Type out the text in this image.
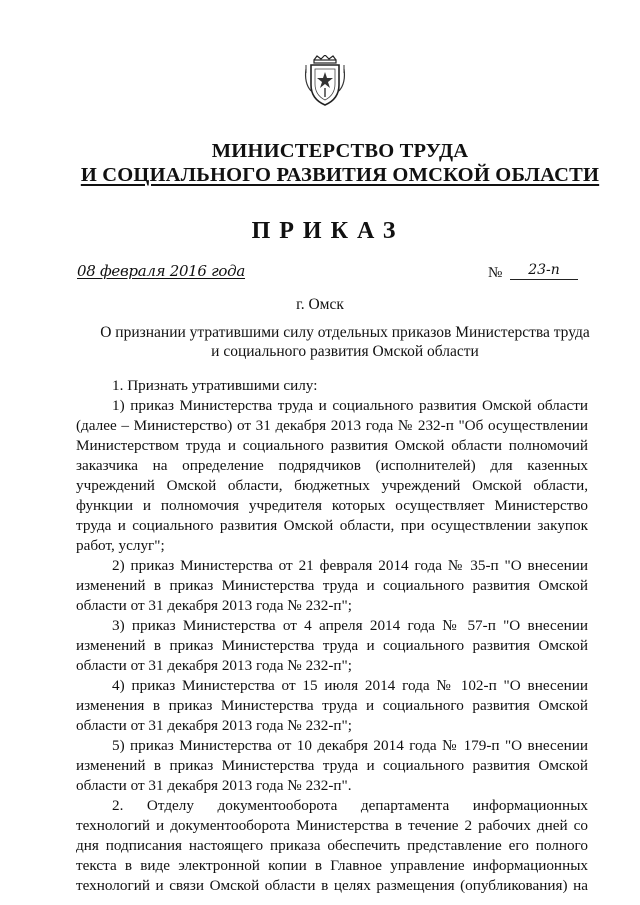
МИНИСТЕРСТВО ТРУДА
И СОЦИАЛЬНОГО РАЗВИТИЯ ОМСКОЙ ОБЛАСТИ
ПРИКАЗ
08 февраля 2016 года	№	23-п
г. Омск
О признании утратившими силу отдельных приказов Министерства труда и социального развития Омской области
1. Признать утратившими силу:
1) приказ Министерства труда и социального развития Омской области
(далее – Министерство) от 31 декабря 2013 года № 232-п "Об осуществлении
Министерством труда и социального развития Омской области полномочий
заказчика на определение подрядчиков (исполнителей) для казенных
учреждений Омской области, бюджетных учреждений Омской области,
функции и полномочия учредителя которых осуществляет Министерство
труда и социального развития Омской области, при осуществлении закупок
работ, услуг";
2) приказ Министерства от 21 февраля 2014 года № 35-п "О внесении
изменений в приказ Министерства труда и социального развития Омской
области от 31 декабря 2013 года № 232-п";
3) приказ Министерства от 4 апреля 2014 года № 57-п "О внесении
изменений в приказ Министерства труда и социального развития Омской
области от 31 декабря 2013 года № 232-п";
4) приказ Министерства от 15 июля 2014 года № 102-п "О внесении
изменения в приказ Министерства труда и социального развития Омской
области от 31 декабря 2013 года № 232-п";
5) приказ Министерства от 10 декабря 2014 года № 179-п "О внесении
изменений в приказ Министерства труда и социального развития Омской
области от 31 декабря 2013 года № 232-п".
2. Отделу документооборота департамента информационных
технологий и документооборота Министерства в течение 2 рабочих дней со
дня подписания настоящего приказа обеспечить представление его полного
текста в виде электронной копии в Главное управление информационных
технологий и связи Омской области в целях размещения (опубликования) на
